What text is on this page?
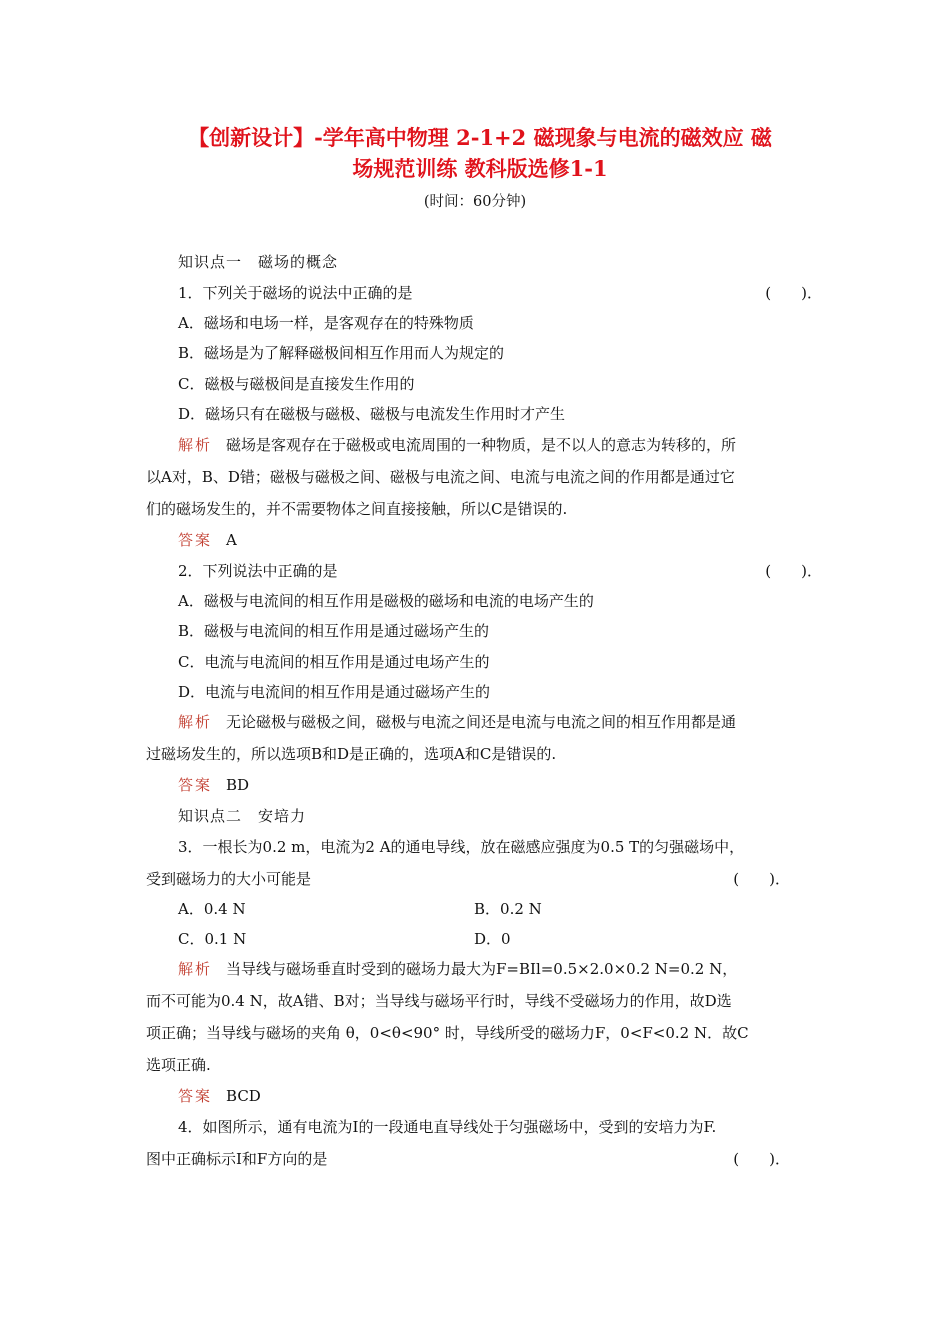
【创新设计】-学年高中物理 2-1+2 磁现象与电流的磁效应 磁
场规范训练 教科版选修1-1
(时间：60分钟)
知识点一　磁场的概念
1．下列关于磁场的说法中正确的是	(　　)．
A．磁场和电场一样，是客观存在的特殊物质
B．磁场是为了解释磁极间相互作用而人为规定的
C．磁极与磁极间是直接发生作用的
D．磁场只有在磁极与磁极、磁极与电流发生作用时才产生
解析 磁场是客观存在于磁极或电流周围的一种物质，是不以人的意志为转移的，所
以A对，B、D错；磁极与磁极之间、磁极与电流之间、电流与电流之间的作用都是通过它
们的磁场发生的，并不需要物体之间直接接触，所以C是错误的.
答案 A
2．下列说法中正确的是	(　　)．
A．磁极与电流间的相互作用是磁极的磁场和电流的电场产生的
B．磁极与电流间的相互作用是通过磁场产生的
C．电流与电流间的相互作用是通过电场产生的
D．电流与电流间的相互作用是通过磁场产生的
解析 无论磁极与磁极之间，磁极与电流之间还是电流与电流之间的相互作用都是通
过磁场发生的，所以选项B和D是正确的，选项A和C是错误的.
答案 BD
知识点二　安培力
3．一根长为0.2 m，电流为2 A的通电导线，放在磁感应强度为0.5 T的匀强磁场中，
受到磁场力的大小可能是	(　　)．
A．0.4 N	B．0.2 N
C．0.1 N	D．0
解析 当导线与磁场垂直时受到的磁场力最大为F=BIl=0.5×2.0×0.2 N=0.2 N，
而不可能为0.4 N，故A错、B对；当导线与磁场平行时，导线不受磁场力的作用，故D选
项正确；当导线与磁场的夹角 θ，0<θ<90° 时，导线所受的磁场力F，0<F<0.2 N．故C
选项正确.
答案 BCD
4．如图所示，通有电流为I的一段通电直导线处于匀强磁场中，受到的安培力为F.
图中正确标示I和F方向的是	(　　)．
